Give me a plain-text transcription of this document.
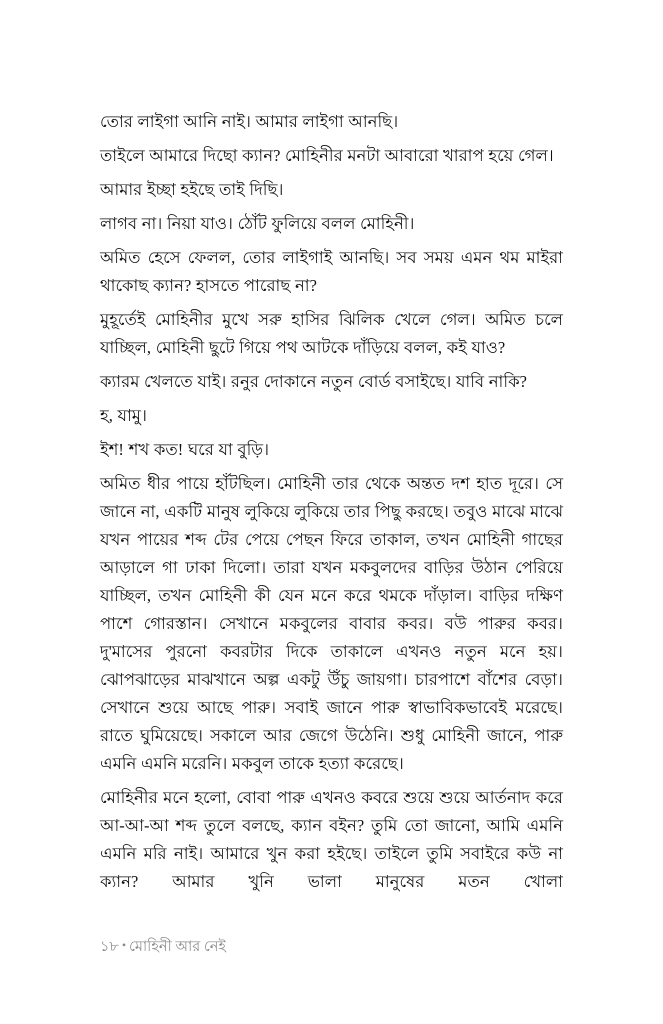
তোর লাইগা আনি নাই। আমার লাইগা আনছি।

তাইলে আমারে দিছো ক্যান? মোহিনীর মনটা আবারো খারাপ হয়ে গেল।

আমার ইচ্ছা হইছে তাই দিছি।

লাগব না। নিয়া যাও। ঠোঁট ফুলিয়ে বলল মোহিনী।

অমিত হেসে ফেলল, তোর লাইগাই আনছি। সব সময় এমন থম মাইরা থাকোছ ক্যান? হাসতে পারোছ না?

মুহূর্তেই মোহিনীর মুখে সরু হাসির ঝিলিক খেলে গেল। অমিত চলে যাচ্ছিল, মোহিনী ছুটে গিয়ে পথ আটকে দাঁড়িয়ে বলল, কই যাও?

ক্যারম খেলতে যাই। রনুর দোকানে নতুন বোর্ড বসাইছে। যাবি নাকি?

হ, যামু।

ইশ! শখ কত! ঘরে যা বুড়ি।

অমিত ধীর পায়ে হাঁটছিল। মোহিনী তার থেকে অন্তত দশ হাত দূরে। সে জানে না, একটি মানুষ লুকিয়ে লুকিয়ে তার পিছু করছে। তবুও মাঝে মাঝে যখন পায়ের শব্দ টের পেয়ে পেছন ফিরে তাকাল, তখন মোহিনী গাছের আড়ালে গা ঢাকা দিলো। তারা যখন মকবুলদের বাড়ির উঠান পেরিয়ে যাচ্ছিল, তখন মোহিনী কী যেন মনে করে থমকে দাঁড়াল। বাড়ির দক্ষিণ পাশে গোরস্তান। সেখানে মকবুলের বাবার কবর। বউ পারুর কবর। দু'মাসের পুরনো কবরটার দিকে তাকালে এখনও নতুন মনে হয়। ঝোপঝাড়ের মাঝখানে অল্প একটু উঁচু জায়গা। চারপাশে বাঁশের বেড়া। সেখানে শুয়ে আছে পারু। সবাই জানে পারু স্বাভাবিকভাবেই মরেছে। রাতে ঘুমিয়েছে। সকালে আর জেগে উঠেনি। শুধু মোহিনী জানে, পারু এমনি এমনি মরেনি। মকবুল তাকে হত্যা করেছে।

মোহিনীর মনে হলো, বোবা পারু এখনও কবরে শুয়ে শুয়ে আর্তনাদ করে আ-আ-আ শব্দ তুলে বলছে, ক্যান বইন? তুমি তো জানো, আমি এমনি এমনি মরি নাই। আমারে খুন করা হইছে। তাইলে তুমি সবাইরে কউ না ক্যান? আমার খুনি ভালা মানুষের মতন খোলা

১৮ • মোহিনী আর নেই
